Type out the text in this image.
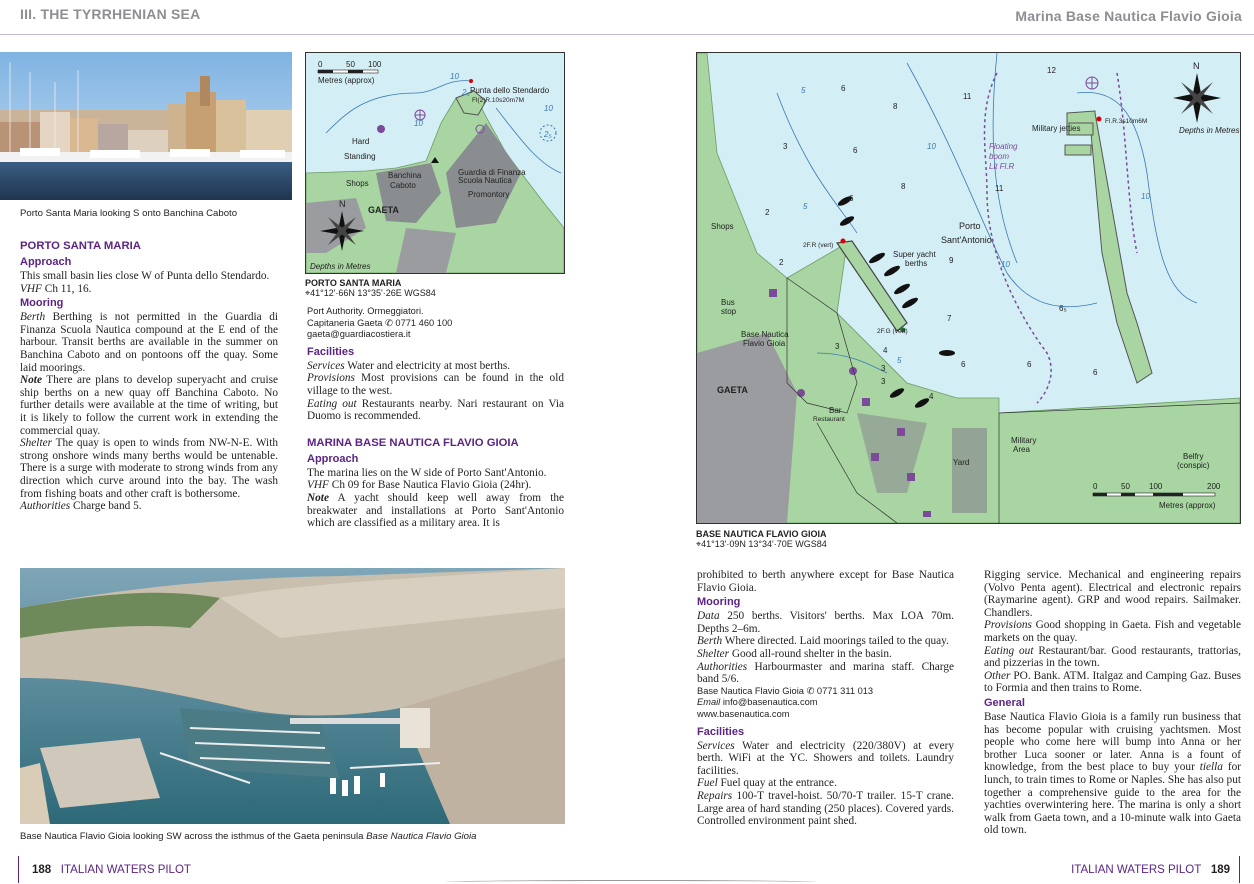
III. THE TYRRHENIAN SEA	Marina Base Nautica Flavio Gioia
Porto Santa Maria looking S onto Banchina Caboto
PORTO SANTA MARIA
Approach

This small basin lies close W of Punta dello Stendardo.

VHF Ch 11, 16.

Mooring

Berth Berthing is not permitted in the Guardia di Finanza Scuola Nautica compound at the E end of the harbour. Transit berths are available in the summer on Banchina Caboto and on pontoons off the quay. Some laid moorings.

Note There are plans to develop superyacht and cruise ship berths on a new quay off Banchina Caboto. No further details were available at the time of writing, but it is likely to follow the current work in extending the commercial quay.

Shelter The quay is open to winds from NW-N-E. With strong onshore winds many berths would be untenable. There is a surge with moderate to strong winds from any direction which curve around into the bay. The wash from fishing boats and other craft is bothersome.

Authorities Charge band 5.

0	50 100
Metres (approx)	10
10
10
2₅
2₅
Punta dello Stendardo
Fl(2)R.10s20m7M
Hard
Standing
Banchina
Caboto
Shops
Guardia di Finanza
Scuola Nautica
Promontory
GAETA
N
Depths in Metres
PORTO SANTA MARIA
⌖41°12'·66N 13°35'·26E WGS84

Port Authority. Ormeggiatori.

Capitaneria Gaeta ✆ 0771 460 100

gaeta@guardiacostiera.it

Facilities

Services Water and electricity at most berths.

Provisions Most provisions can be found in the old village to the west.

Eating out Restaurants nearby. Nari restaurant on Via Duomo is recommended.

MARINA BASE NAUTICA FLAVIO GIOIA
Approach

The marina lies on the W side of Porto Sant'Antonio.

VHF Ch 09 for Base Nautica Flavio Gioia (24hr).

Note A yacht should keep well away from the breakwater and installations at Porto Sant'Antonio which are classified as a military area. It is

Base Nautica Flavio Gioia looking SW across the isthmus of the Gaeta peninsula Base Nautica Flavio Gioia
Military jetties
Fl.R.3s10m6M
N
Depths in Metres
Floating
boom
Lit Fl.R
Shops	Porto
Sant'Antonio
Super yacht
berths
2F.R (vert)
2F.G (vert)
Bus
stop
Base Nautica
Flavio Gioia
GAETA
Bar
Restaurant
Yard
Military
Area
Belfry
(conspic)
0	50 100	200
Metres (approx)
5
10
5
10
10
5
6
8
6
3
8
2
2
6
9
7
11
12
11
6₅
6
6
6
4
3
3
4
3
BASE NAUTICA FLAVIO GIOIA
⌖41°13'·09N 13°34'·70E WGS84

prohibited to berth anywhere except for Base Nautica Flavio Gioia.

Mooring

Data 250 berths. Visitors' berths. Max LOA 70m. Depths 2–6m.

Berth Where directed. Laid moorings tailed to the quay.

Shelter Good all-round shelter in the basin.

Authorities Harbourmaster and marina staff. Charge band 5/6.

Base Nautica Flavio Gioia ✆ 0771 311 013

Email info@basenautica.com

www.basenautica.com

Facilities

Services Water and electricity (220/380V) at every berth. WiFi at the YC. Showers and toilets. Laundry facilities.

Fuel Fuel quay at the entrance.

Repairs 100-T travel-hoist. 50/70-T trailer. 15-T crane. Large area of hard standing (250 places). Covered yards. Controlled environment paint shed.

Rigging service. Mechanical and engineering repairs (Volvo Penta agent). Electrical and electronic repairs (Raymarine agent). GRP and wood repairs. Sailmaker. Chandlers.

Provisions Good shopping in Gaeta. Fish and vegetable markets on the quay.

Eating out Restaurant/bar. Good restaurants, trattorias, and pizzerias in the town.

Other PO. Bank. ATM. Italgaz and Camping Gaz. Buses to Formia and then trains to Rome.

General

Base Nautica Flavio Gioia is a family run business that has become popular with cruising yachtsmen. Most people who come here will bump into Anna or her brother Luca sooner or later. Anna is a fount of knowledge, from the best place to buy your tiella for lunch, to train times to Rome or Naples. She has also put together a comprehensive guide to the area for the yachties overwintering here. The marina is only a short walk from Gaeta town, and a 10-minute walk into Gaeta old town.

188 ITALIAN WATERS PILOT	ITALIAN WATERS PILOT 189
